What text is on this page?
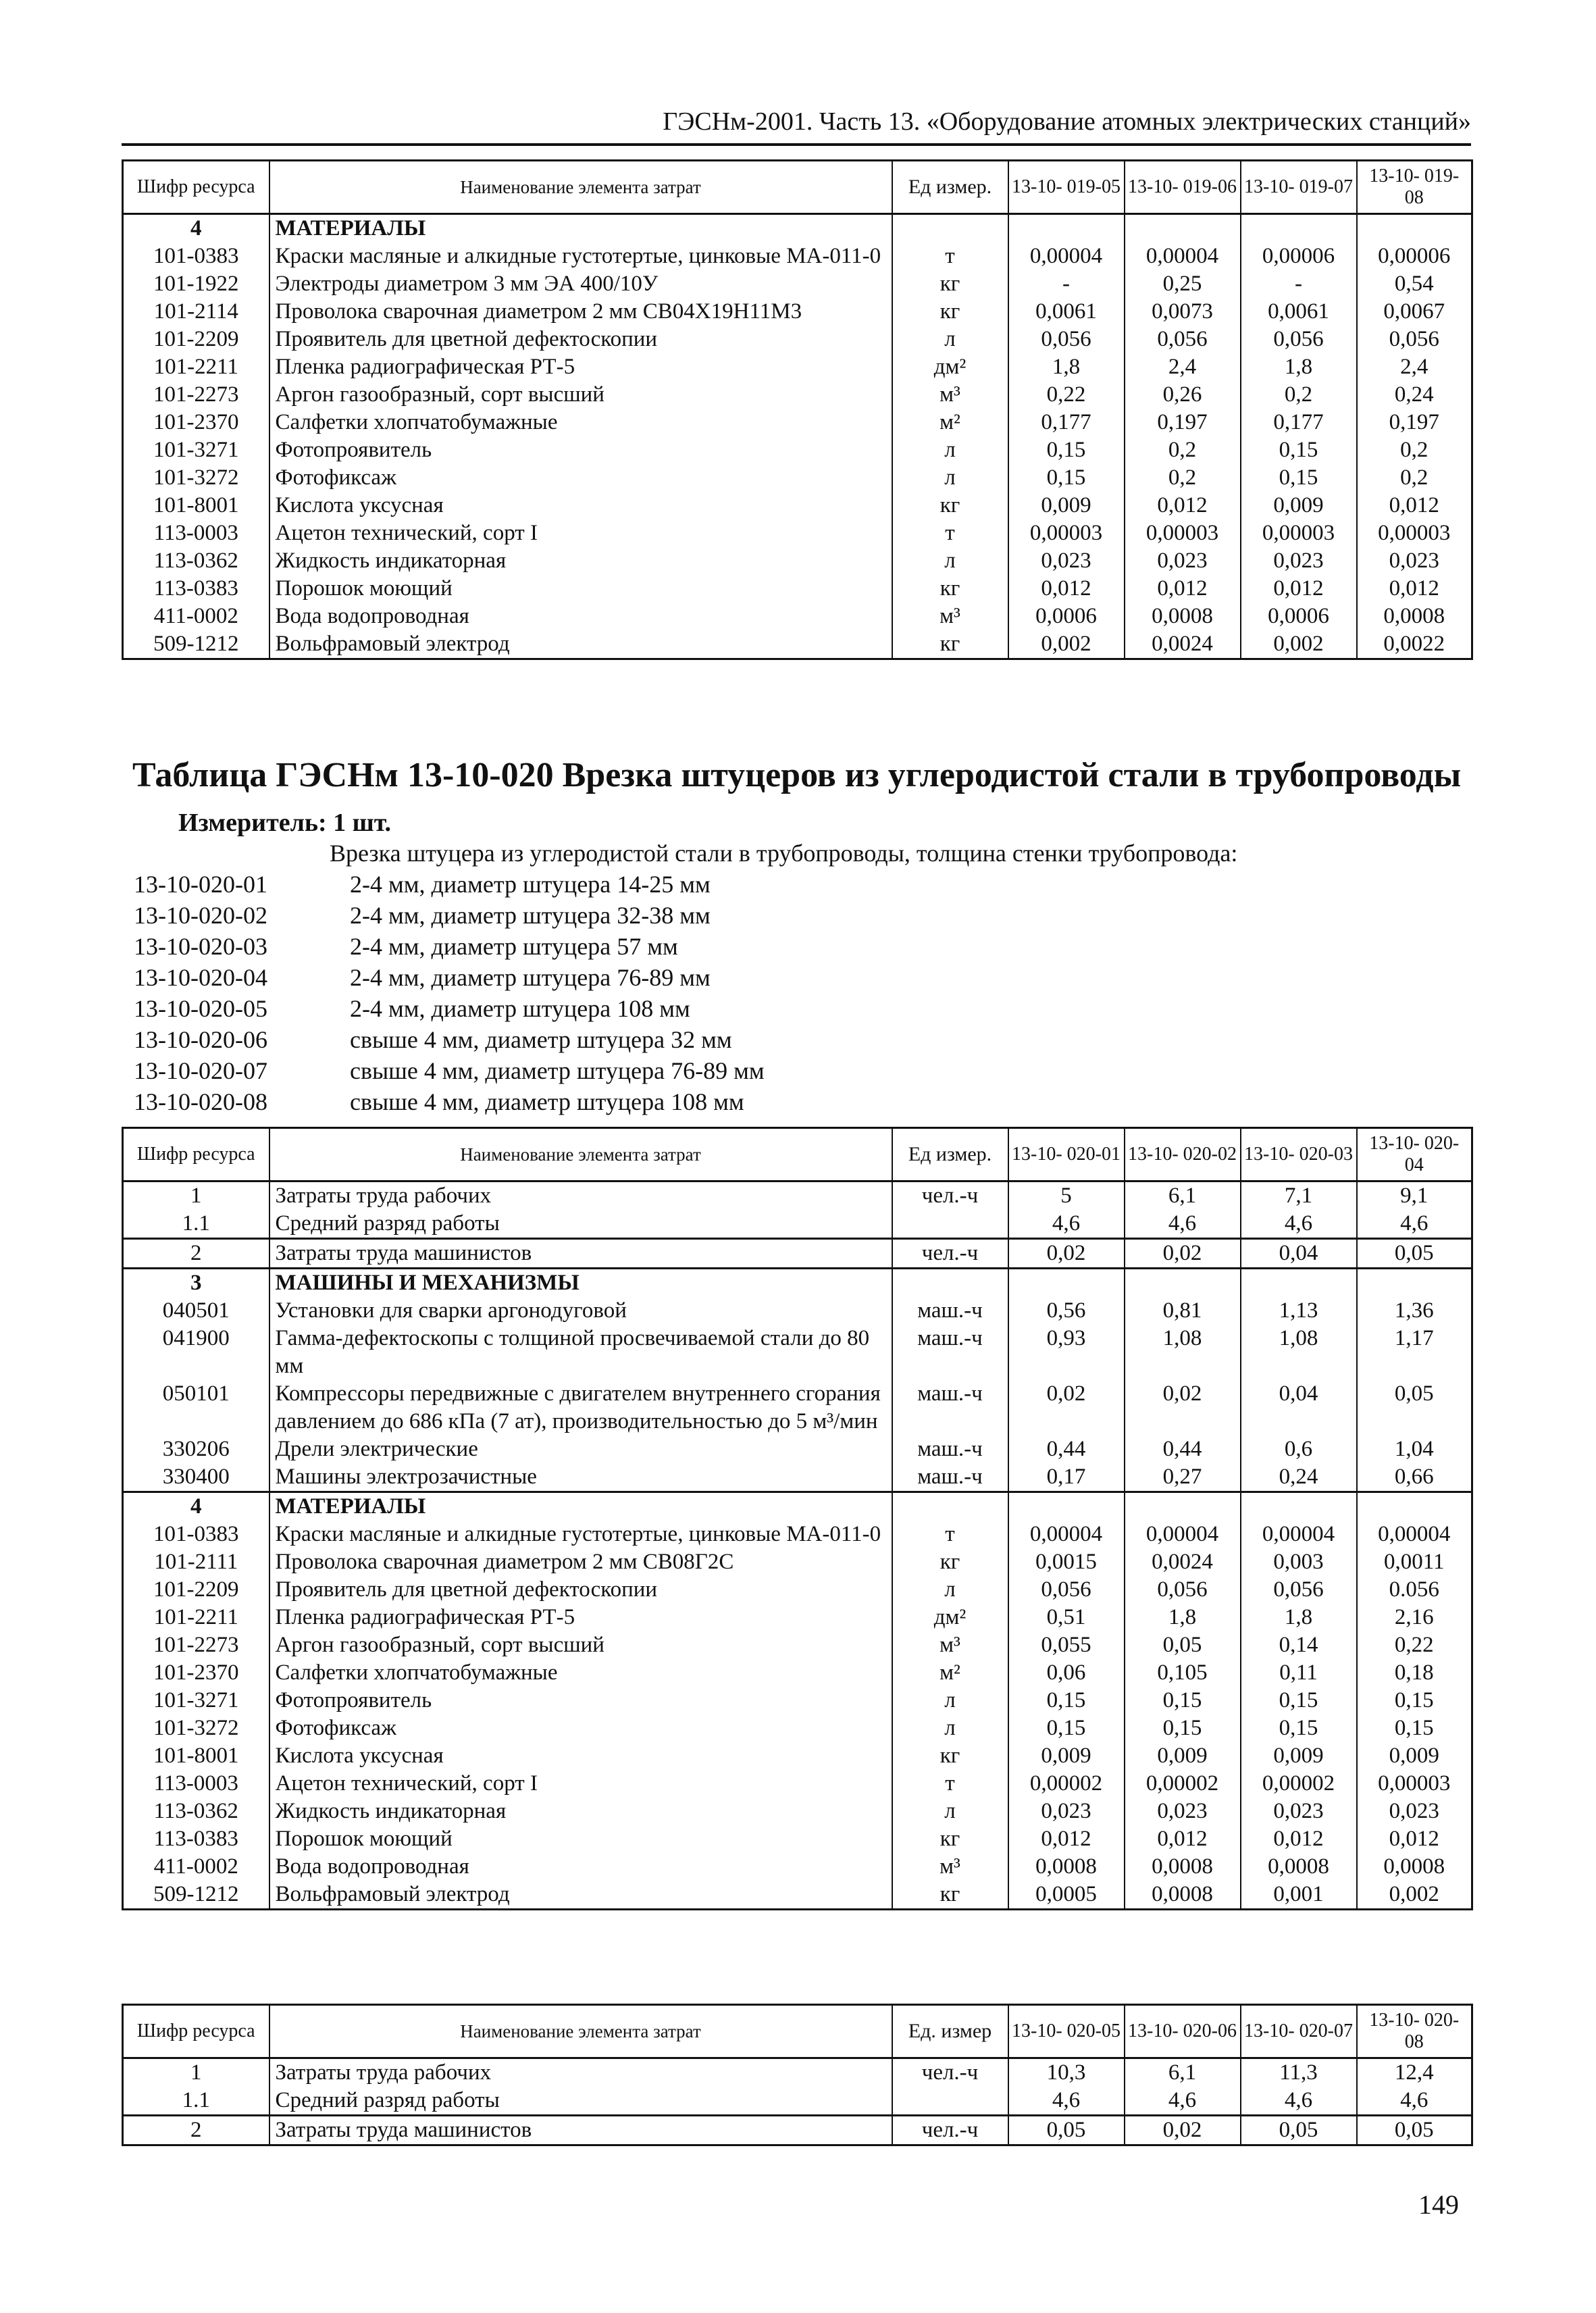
ГЭСНм-2001. Часть 13. «Оборудование атомных электрических станций»
Шифр ресурса	Наименование элемента затрат	Ед измер.	13-10- 019-05	13-10- 019-06	13-10- 019-07	13-10- 019-08
4	МАТЕРИАЛЫ					
101-0383	Краски масляные и алкидные густотертые, цинковые МА-011-0	т	0,00004	0,00004	0,00006	0,00006
101-1922	Электроды диаметром 3 мм ЭА 400/10У	кг	-	0,25	-	0,54
101-2114	Проволока сварочная диаметром 2 мм СВ04Х19Н11М3	кг	0,0061	0,0073	0,0061	0,0067
101-2209	Проявитель для цветной дефектоскопии	л	0,056	0,056	0,056	0,056
101-2211	Пленка радиографическая РТ-5	дм²	1,8	2,4	1,8	2,4
101-2273	Аргон газообразный, сорт высший	м³	0,22	0,26	0,2	0,24
101-2370	Салфетки хлопчатобумажные	м²	0,177	0,197	0,177	0,197
101-3271	Фотопроявитель	л	0,15	0,2	0,15	0,2
101-3272	Фотофиксаж	л	0,15	0,2	0,15	0,2
101-8001	Кислота уксусная	кг	0,009	0,012	0,009	0,012
113-0003	Ацетон технический, сорт I	т	0,00003	0,00003	0,00003	0,00003
113-0362	Жидкость индикаторная	л	0,023	0,023	0,023	0,023
113-0383	Порошок моющий	кг	0,012	0,012	0,012	0,012
411-0002	Вода водопроводная	м³	0,0006	0,0008	0,0006	0,0008
509-1212	Вольфрамовый электрод	кг	0,002	0,0024	0,002	0,0022
Таблица ГЭСНм 13-10-020 Врезка штуцеров из углеродистой стали в трубопроводы
Измеритель: 1 шт.
Врезка штуцера из углеродистой стали в трубопроводы, толщина стенки трубопровода:
13-10-020-01	2-4 мм, диаметр штуцера 14-25 мм
13-10-020-02	2-4 мм, диаметр штуцера 32-38 мм
13-10-020-03	2-4 мм, диаметр штуцера 57 мм
13-10-020-04	2-4 мм, диаметр штуцера 76-89 мм
13-10-020-05	2-4 мм, диаметр штуцера 108 мм
13-10-020-06	свыше 4 мм, диаметр штуцера 32 мм
13-10-020-07	свыше 4 мм, диаметр штуцера 76-89 мм
13-10-020-08	свыше 4 мм, диаметр штуцера 108 мм
Шифр ресурса	Наименование элемента затрат	Ед измер.	13-10- 020-01	13-10- 020-02	13-10- 020-03	13-10- 020-04
1	Затраты труда рабочих	чел.-ч	5	6,1	7,1	9,1
1.1	Средний разряд работы		4,6	4,6	4,6	4,6
2	Затраты труда машинистов	чел.-ч	0,02	0,02	0,04	0,05
3	МАШИНЫ И МЕХАНИЗМЫ					
040501	Установки для сварки аргонодуговой	маш.-ч	0,56	0,81	1,13	1,36
041900	Гамма-дефектоскопы с толщиной просвечиваемой стали до 80 мм	маш.-ч	0,93	1,08	1,08	1,17
050101	Компрессоры передвижные с двигателем внутреннего сгорания давлением до 686 кПа (7 ат), производительностью до 5 м³/мин	маш.-ч	0,02	0,02	0,04	0,05
330206	Дрели электрические	маш.-ч	0,44	0,44	0,6	1,04
330400	Машины электрозачистные	маш.-ч	0,17	0,27	0,24	0,66
4	МАТЕРИАЛЫ					
101-0383	Краски масляные и алкидные густотертые, цинковые МА-011-0	т	0,00004	0,00004	0,00004	0,00004
101-2111	Проволока сварочная диаметром 2 мм СВ08Г2С	кг	0,0015	0,0024	0,003	0,0011
101-2209	Проявитель для цветной дефектоскопии	л	0,056	0,056	0,056	0.056
101-2211	Пленка радиографическая РТ-5	дм²	0,51	1,8	1,8	2,16
101-2273	Аргон газообразный, сорт высший	м³	0,055	0,05	0,14	0,22
101-2370	Салфетки хлопчатобумажные	м²	0,06	0,105	0,11	0,18
101-3271	Фотопроявитель	л	0,15	0,15	0,15	0,15
101-3272	Фотофиксаж	л	0,15	0,15	0,15	0,15
101-8001	Кислота уксусная	кг	0,009	0,009	0,009	0,009
113-0003	Ацетон технический, сорт I	т	0,00002	0,00002	0,00002	0,00003
113-0362	Жидкость индикаторная	л	0,023	0,023	0,023	0,023
113-0383	Порошок моющий	кг	0,012	0,012	0,012	0,012
411-0002	Вода водопроводная	м³	0,0008	0,0008	0,0008	0,0008
509-1212	Вольфрамовый электрод	кг	0,0005	0,0008	0,001	0,002
Шифр ресурса	Наименование элемента затрат	Ед. измер	13-10- 020-05	13-10- 020-06	13-10- 020-07	13-10- 020-08
1	Затраты труда рабочих	чел.-ч	10,3	6,1	11,3	12,4
1.1	Средний разряд работы		4,6	4,6	4,6	4,6
2	Затраты труда машинистов	чел.-ч	0,05	0,02	0,05	0,05
149
